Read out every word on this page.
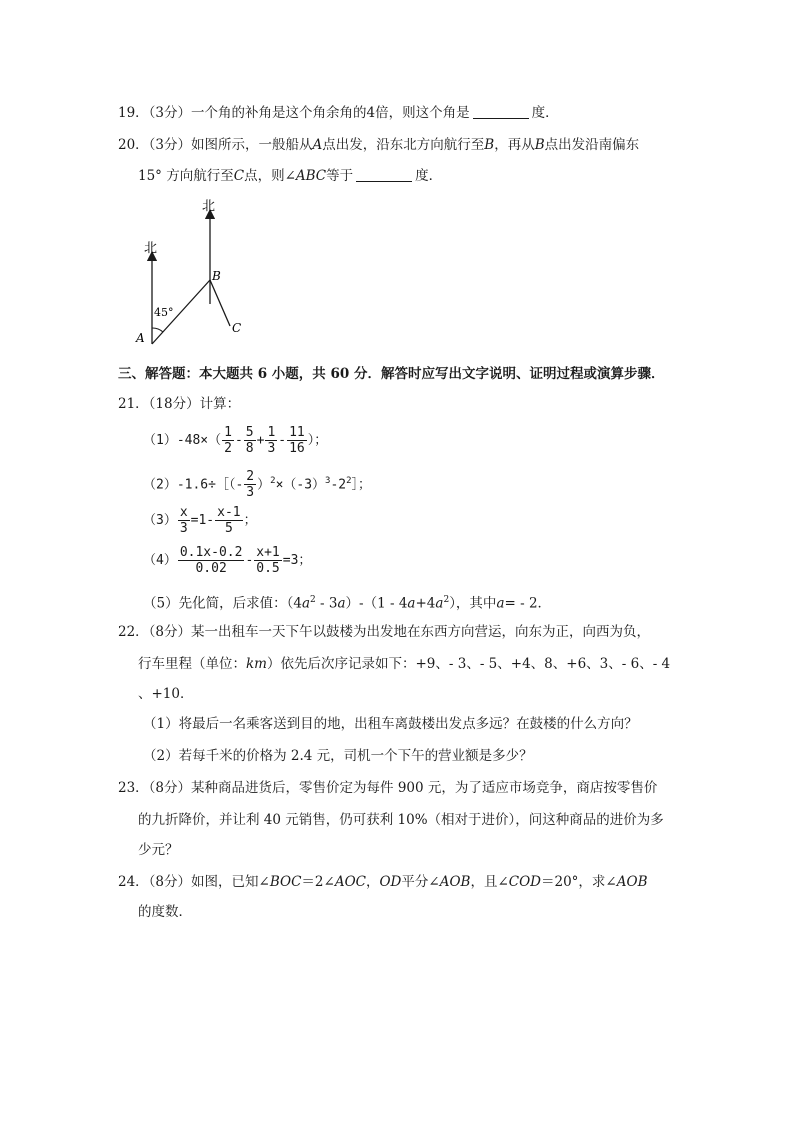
19．（3分）一个角的补角是这个角余角的4倍，则这个角是	度．
20．（3分）如图所示，一般船从A点出发，沿东北方向航行至B，再从B点出发沿南偏东
15° 方向航行至C点，则∠ABC等于	度．
北
北
45°
A
B
C
三、解答题：本大题共 6 小题，共 60 分．解答时应写出文字说明、证明过程或演算步骤．
21．（18分）计算：
$(1)-48\times( \frac{1}{2} - \frac{5}{8} + \frac{1}{3} - \frac{11}{16}$ ）；
（2）-1.6÷［（- $\frac{2}{3}$ ）$^2\times(-3)^3-2^2]$；
$(3) \frac{x}{3} =1- \frac{x-1}{5}$ ；
$(4) \frac{0.1x-0.2}{0.02} - \frac{x+1}{0.5} =3$；
（5）先化简，后求值：$(4a^2 - 3a)-(1 - 4a+4a^2)$，其中a= - 2．
22．（8分）某一出租车一天下午以鼓楼为出发地在东西方向营运，向东为正，向西为负，
行车里程（单位：km）依先后次序记录如下：+9、- 3、- 5、+4、8、+6、3、- 6、- 4
、+10．
（1）将最后一名乘客送到目的地，出租车离鼓楼出发点多远？在鼓楼的什么方向？
（2）若每千米的价格为 2.4 元，司机一个下午的营业额是多少？
23．（8分）某种商品进货后，零售价定为每件 900 元，为了适应市场竞争，商店按零售价
的九折降价，并让利 40 元销售，仍可获利 10%（相对于进价），问这种商品的进价为多
少元？
24．（8分）如图，已知∠BOC＝2∠AOC，OD平分∠AOB，且∠COD＝20°，求∠AOB
的度数．
